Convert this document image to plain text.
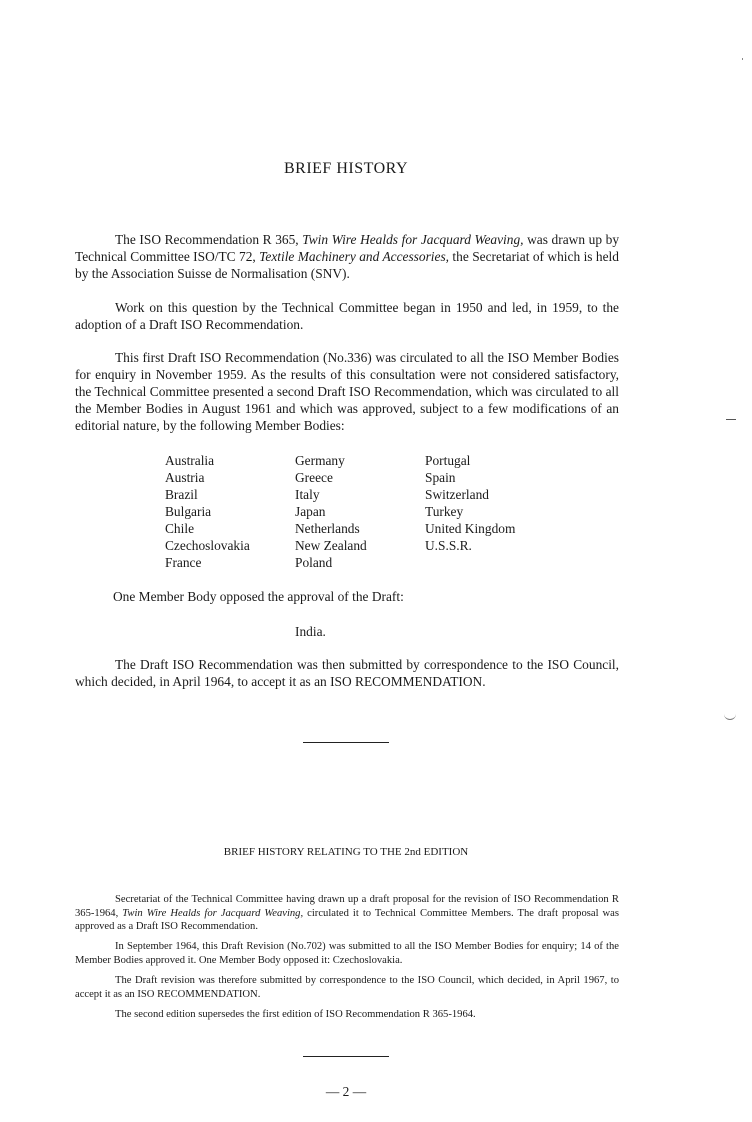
BRIEF HISTORY

The ISO Recommendation R 365, Twin Wire Healds for Jacquard Weaving, was drawn up by Technical Committee ISO/TC 72, Textile Machinery and Accessories, the Secretariat of which is held by the Association Suisse de Normalisation (SNV).

Work on this question by the Technical Committee began in 1950 and led, in 1959, to the adoption of a Draft ISO Recommendation.

This first Draft ISO Recommendation (No.336) was circulated to all the ISO Member Bodies for enquiry in November 1959. As the results of this consultation were not considered satisfactory, the Technical Committee presented a second Draft ISO Recommendation, which was circulated to all the Member Bodies in August 1961 and which was approved, subject to a few modifications of an editorial nature, by the following Member Bodies:

Australia
Austria
Brazil
Bulgaria
Chile
Czechoslovakia
France
Germany
Greece
Italy
Japan
Netherlands
New Zealand
Poland
Portugal
Spain
Switzerland
Turkey
United Kingdom
U.S.S.R.
One Member Body opposed the approval of the Draft:
India.

The Draft ISO Recommendation was then submitted by correspondence to the ISO Council, which decided, in April 1964, to accept it as an ISO RECOMMENDATION.

BRIEF HISTORY RELATING TO THE 2nd EDITION

Secretariat of the Technical Committee having drawn up a draft proposal for the revision of ISO Recommendation R 365-1964, Twin Wire Healds for Jacquard Weaving, circulated it to Technical Committee Members. The draft proposal was approved as a Draft ISO Recommendation.

In September 1964, this Draft Revision (No.702) was submitted to all the ISO Member Bodies for enquiry; 14 of the Member Bodies approved it. One Member Body opposed it: Czechoslovakia.

The Draft revision was therefore submitted by correspondence to the ISO Council, which decided, in April 1967, to accept it as an ISO RECOMMENDATION.

The second edition supersedes the first edition of ISO Recommendation R 365-1964.

— 2 —
